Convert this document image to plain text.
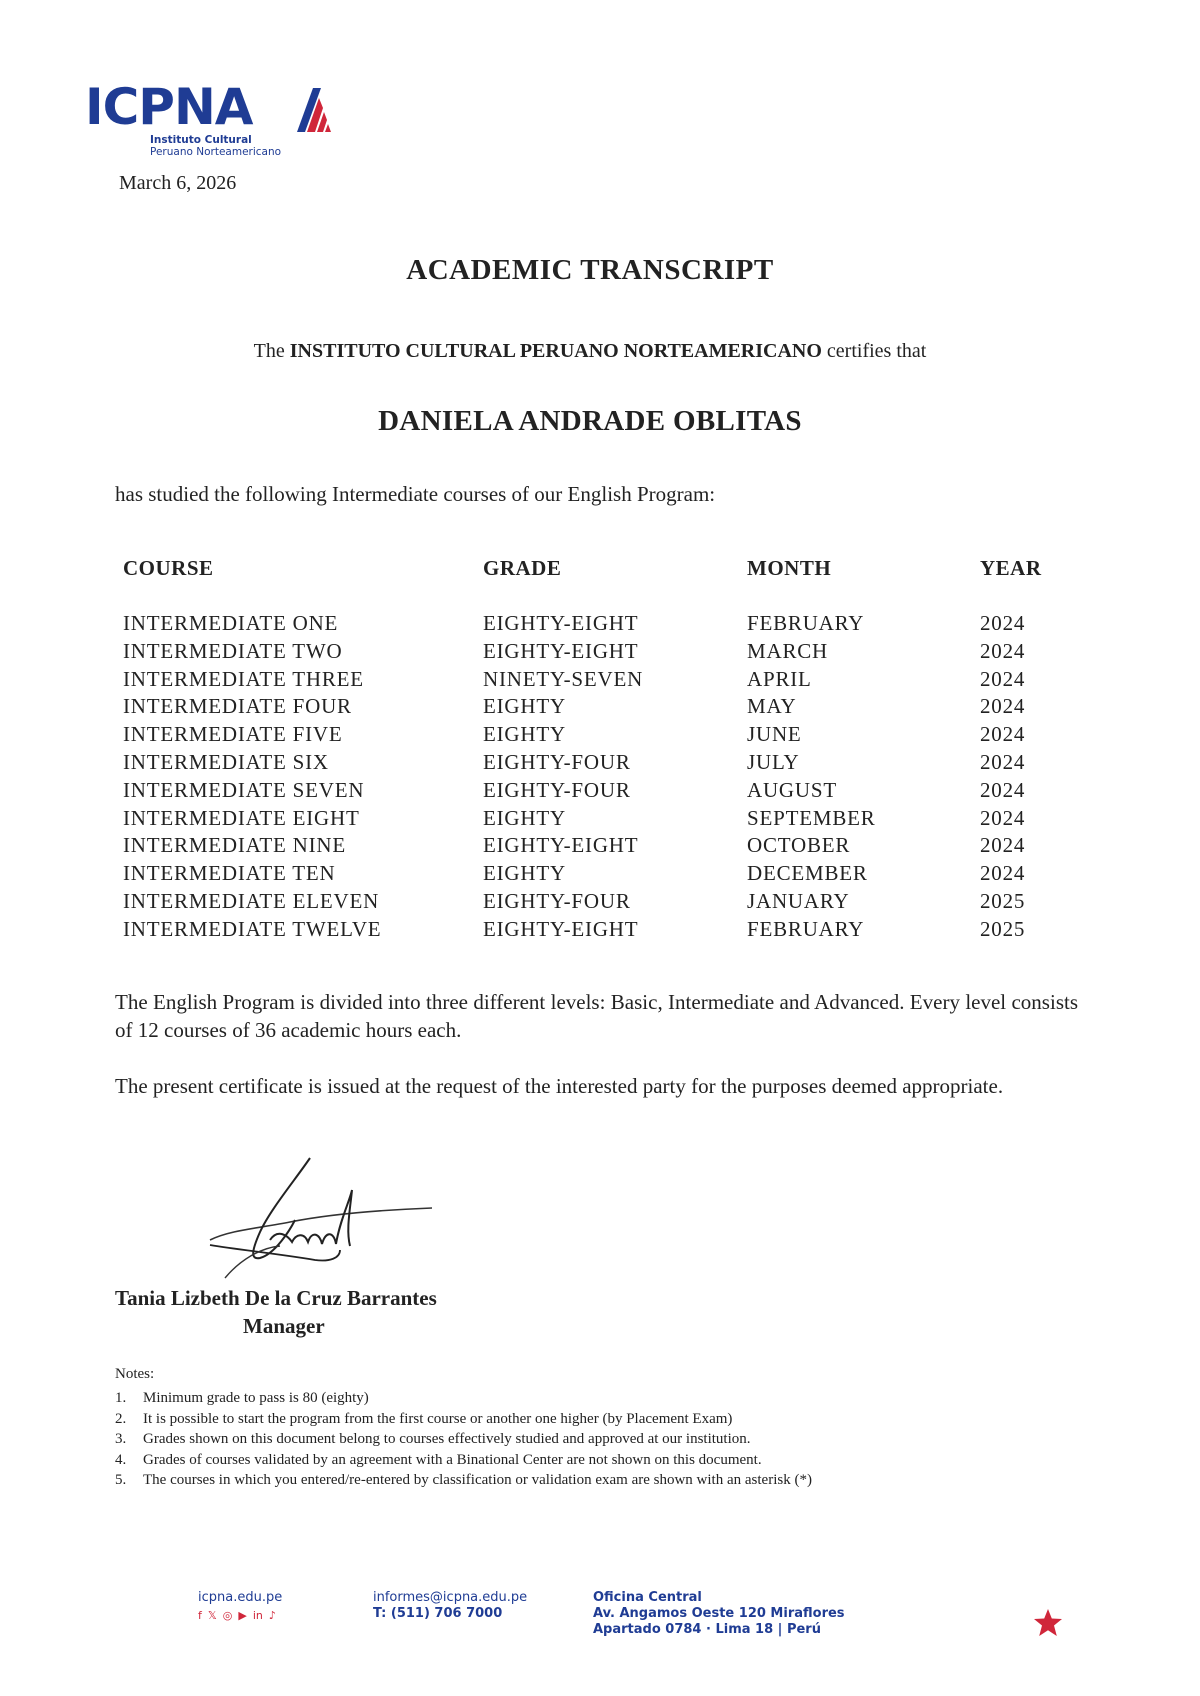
ICPNA
Instituto Cultural
Peruano Norteamericano
March 6, 2026
ACADEMIC TRANSCRIPT
The INSTITUTO CULTURAL PERUANO NORTEAMERICANO certifies that
DANIELA ANDRADE OBLITAS
has studied the following Intermediate courses of our English Program:
COURSE	GRADE	MONTH	YEAR
INTERMEDIATE ONE	EIGHTY-EIGHT	FEBRUARY	2024
INTERMEDIATE TWO	EIGHTY-EIGHT	MARCH	2024
INTERMEDIATE THREE	NINETY-SEVEN	APRIL	2024
INTERMEDIATE FOUR	EIGHTY	MAY	2024
INTERMEDIATE FIVE	EIGHTY	JUNE	2024
INTERMEDIATE SIX	EIGHTY-FOUR	JULY	2024
INTERMEDIATE SEVEN	EIGHTY-FOUR	AUGUST	2024
INTERMEDIATE EIGHT	EIGHTY	SEPTEMBER	2024
INTERMEDIATE NINE	EIGHTY-EIGHT	OCTOBER	2024
INTERMEDIATE TEN	EIGHTY	DECEMBER	2024
INTERMEDIATE ELEVEN	EIGHTY-FOUR	JANUARY	2025
INTERMEDIATE TWELVE	EIGHTY-EIGHT	FEBRUARY	2025
The English Program is divided into three different levels: Basic, Intermediate and Advanced. Every level consists of 12 courses of 36 academic hours each.
The present certificate is issued at the request of the interested party for the purposes deemed appropriate.
Tania Lizbeth De la Cruz Barrantes
Manager
Notes:
1. Minimum grade to pass is 80 (eighty)
2. It is possible to start the program from the first course or another one higher (by Placement Exam)
3. Grades shown on this document belong to courses effectively studied and approved at our institution.
4. Grades of courses validated by an agreement with a Binational Center are not shown on this document.
5. The courses in which you entered/re-entered by classification or validation exam are shown with an asterisk (*)
icpna.edu.pe
f 𝕏 ◎ ▶ in ♪
informes@icpna.edu.pe
T: (511) 706 7000
Oficina Central
Av. Angamos Oeste 120 Miraflores
Apartado 0784 · Lima 18 | Perú
